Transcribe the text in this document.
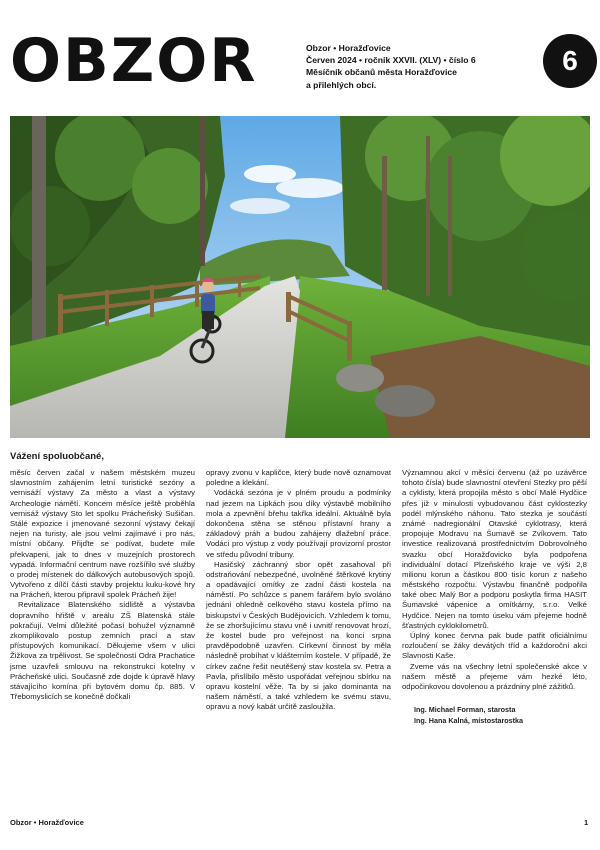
OBZOR	Obzor • Horažďovice
Červen 2024 • ročník XXVII. (XLV) • číslo 6
Měsíčník občanů města Horažďovice
a přilehlých obcí.
6
Vážení spoluobčané,

měsíc červen začal v našem městském muzeu slavnostním zahájením letní turistické sezóny a vernisáží výstavy Za město a vlast a výstavy Archeologie námětí. Koncem měsíce ještě proběhla vernisáž výstavy Sto let spolku Prácheňský Sušičan. Stálé expozice i jmenované sezonní výstavy čekají nejen na turisty, ale jsou velmi zajímavé i pro nás, místní občany. Přijďte se podívat, budete mile překvapeni, jak to dnes v muzejních prostorech vypadá. Informační centrum nave rozšířilo své služby o prodej místenek do dálkových autobusových spojů. Vytvořeno z dílčí části stavby projektu kuku-kové hry na Prácheň, kterou připravil spolek Prácheň žije!

Revitalizace Blatenského sídliště a výstavba dopravního hřiště v areálu ZŠ Blatenská stále pokračují. Velmi důležité počasí bohužel významně zkomplikovalo postup zemních prací a stav přístupových komunikací. Děkujeme všem v ulici Žižkova za trpělivost. Se společností Odra Prachatice jsme uzavřeli smlouvu na rekonstrukci kotelny v Prácheňské ulici. Současně zde dojde k úpravě hlavy stávajícího komína při bytovém domu čp. 885. V Třebomyslicích se konečně dočkali

opravy zvonu v kapličce, který bude nově oznamovat poledne a klekání.

Vodácká sezóna je v plném proudu a podmínky nad jezem na Lipkách jsou díky výstavbě mobilního mola a zpevnění břehu takřka ideální. Aktuálně byla dokončena stěna se stěnou přístavní hrany a základový práh a budou zahájeny dlažební práce. Vodáci pro výstup z vody používají provizorní prostor ve středu původní tribuny.

Hasičský záchranný sbor opět zasahoval při odstraňování nebezpečné, uvolněné štěrkové krytiny a opadávající omítky ze zadní části kostela na náměstí. Po schůzce s panem farářem bylo svoláno jednání ohledně celkového stavu kostela přímo na biskupství v Českých Budějovicích. Vzhledem k tomu, že se zhoršujícímu stavu vně i uvnitř renovovat hrozí, že kostel bude pro veřejnost na konci srpna pravděpodobně uzavřen. Církevní činnost by měla následně probíhat v klášterním kostele. V případě, že církev začne řešit neutěšený stav kostela sv. Petra a Pavla, přislíbilo město uspořádat veřejnou sbírku na opravu kostelní věže. Ta by si jako dominanta na našem náměstí, a také vzhledem ke svému stavu, opravu a nový kabát určitě zasloužila.

Významnou akcí v měsíci červenu (až po uzávěrce tohoto čísla) bude slavnostní otevření Stezky pro pěší a cyklisty, která propojila město s obcí Malé Hydčice přes již v minulosti vybudovanou část cyklostezky podél mlýnského náhonu. Tato stezka je součástí známé nadregionální Otavské cyklotrasy, která propojuje Modravu na Šumavě se Zvíkovem. Tato investice realizovaná prostřednictvím Dobrovolného svazku obcí Horažďovicko byla podpořena individuální dotací Plzeňského kraje ve výši 2,8 milionu korun a částkou 800 tisíc korun z našeho městského rozpočtu. Výstavbu finančně podpořila také obec Malý Bor a podporu poskytla firma HASIT Šumavské vápenice a omítkárny, s.r.o. Velké Hydčice. Nejen na tomto úseku vám přejeme hodně šťastných cyklokilometrů.

Úplný konec června pak bude patřit oficiálnímu rozloučení se žáky devátých tříd a každoroční akci Slavnosti Kaše.

Zveme vás na všechny letní společenské akce v našem městě a přejeme vám hezké léto, odpočinkovou dovolenou a prázdniny plné zážitků.

Ing. Michael Forman, starosta
Ing. Hana Kalná, místostarostka
Obzor • Horažďovice	1
